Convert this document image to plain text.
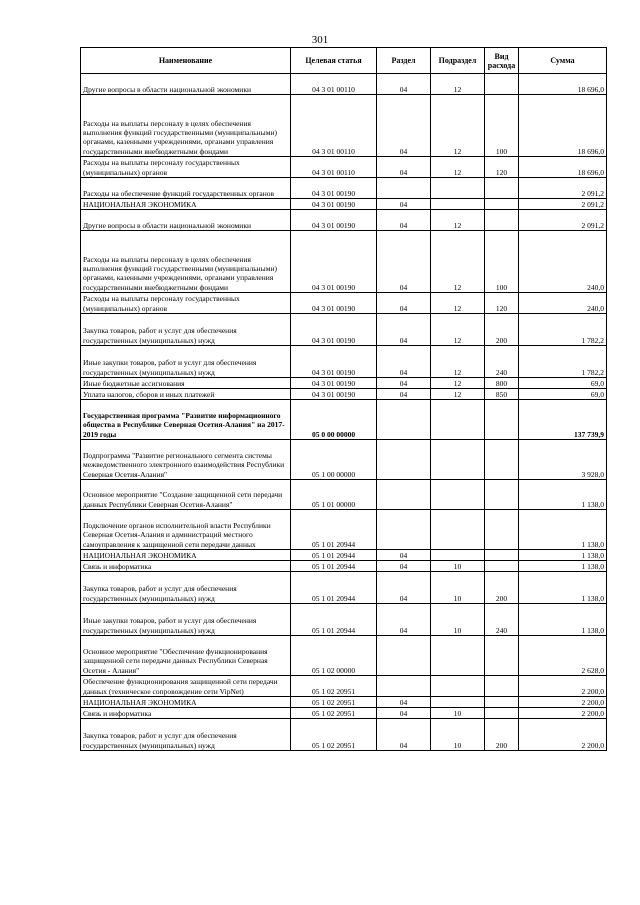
301
Наименование	Целевая статья	Раздел	Подраздел	Вид расхода	Сумма
Другие вопросы в области национальной экономики	04 3 01 00110	04	12		18 696,0
Расходы на выплаты персоналу в целях обеспечения выполнения функций государственными (муниципальными) органами, казенными учреждениями, органами управления государственными внебюджетными фондами	04 3 01 00110	04	12	100	18 696,0
Расходы на выплаты персоналу государственных (муниципальных) органов	04 3 01 00110	04	12	120	18 696,0
Расходы на обеспечение функций государственных органов	04 3 01 00190				2 091,2
НАЦИОНАЛЬНАЯ ЭКОНОМИКА	04 3 01 00190	04			2 091,2
Другие вопросы в области национальной экономики	04 3 01 00190	04	12		2 091,2
Расходы на выплаты персоналу в целях обеспечения выполнения функций государственными (муниципальными) органами, казенными учреждениями, органами управления государственными внебюджетными фондами	04 3 01 00190	04	12	100	240,0
Расходы на выплаты персоналу государственных (муниципальных) органов	04 3 01 00190	04	12	120	240,0
Закупка товаров, работ и услуг для обеспечения государственных (муниципальных) нужд	04 3 01 00190	04	12	200	1 782,2
Иные закупки товаров, работ и услуг для обеспечения государственных (муниципальных) нужд	04 3 01 00190	04	12	240	1 782,2
Иные бюджетные ассигнования	04 3 01 00190	04	12	800	69,0
Уплата налогов, сборов и иных платежей	04 3 01 00190	04	12	850	69,0
Государственная программа "Развитие информационного общества в Республике Северная Осетия-Алания" на 2017-2019 годы	05 0 00 00000				137 739,9
Подпрограмма "Развитие регионального сегмента системы межведомственного электронного взаимодействия Республики Северная Осетия-Алания"	05 1 00 00000				3 928,0
Основное мероприятие "Создание защищенной сети передачи данных Республики Северная Осетия-Алания"	05 1 01 00000				1 138,0
Подключение органов исполнительной власти Республики Северная Осетия-Алания и администраций местного самоуправления к защищенной сети передачи данных	05 1 01 20944				1 138,0
НАЦИОНАЛЬНАЯ ЭКОНОМИКА	05 1 01 20944	04			1 138,0
Связь и информатика	05 1 01 20944	04	10		1 138,0
Закупка товаров, работ и услуг для обеспечения государственных (муниципальных) нужд	05 1 01 20944	04	10	200	1 138,0
Иные закупки товаров, работ и услуг для обеспечения государственных (муниципальных) нужд	05 1 01 20944	04	10	240	1 138,0
Основное мероприятие "Обеспечение функционирования защищенной сети передачи данных Республики Северная Осетия - Алания"	05 1 02 00000				2 628,0
Обеспечение функционирования защищенной сети передачи данных (техническое сопровождение сети VipNet)	05 1 02 20951				2 200,0
НАЦИОНАЛЬНАЯ ЭКОНОМИКА	05 1 02 20951	04			2 200,0
Связь и информатика	05 1 02 20951	04	10		2 200,0
Закупка товаров, работ и услуг для обеспечения государственных (муниципальных) нужд	05 1 02 20951	04	10	200	2 200,0
